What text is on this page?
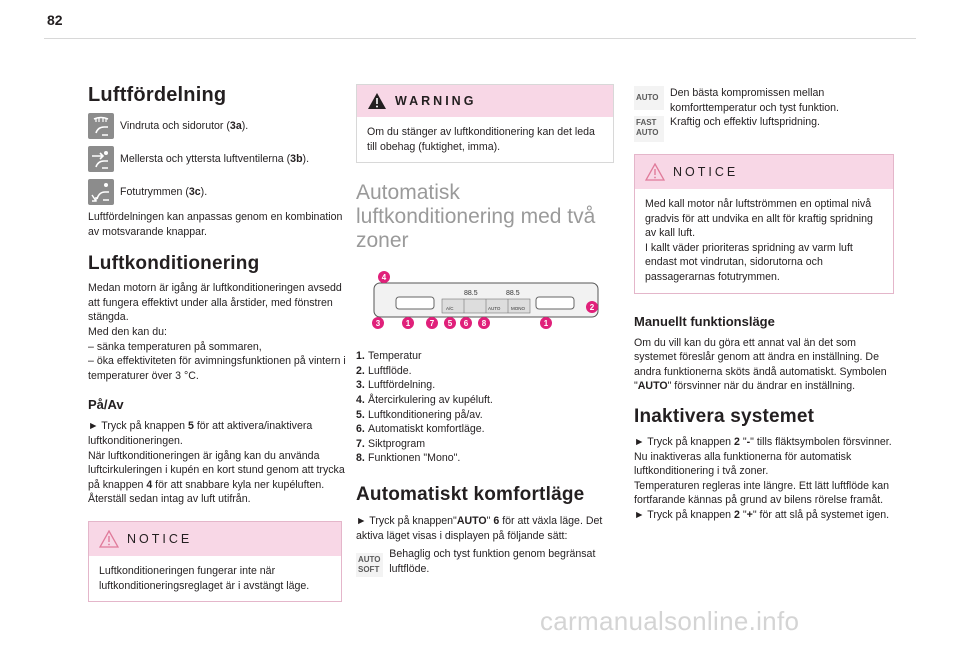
82
Luftfördelning

Vindruta och sidorutor (3a).

Mellersta och yttersta luftventilerna (3b).

Fotutrymmen (3c).

Luftfördelningen kan anpassas genom en kombination av motsvarande knappar.

Luftkonditionering

Medan motorn är igång är luftkonditioneringen avsedd att fungera effektivt under alla årstider, med fönstren stängda.

Med den kan du:

– sänka temperaturen på sommaren,

– öka effektiviteten för avimningsfunktionen på vintern i temperaturer över 3 °C.

På/Av

► Tryck på knappen 5 för att aktivera/inaktivera luftkonditioneringen.

När luftkonditioneringen är igång kan du använda luftcirkuleringen i kupén en kort stund genom att trycka på knappen 4 för att snabbare kyla ner kupéluften. Återställ sedan intag av luft utifrån.

NOTICE

Luftkonditioneringen fungerar inte när luftkonditioneringsreglaget är i avstängt läge.

WARNING

Om du stänger av luftkonditionering kan det leda till obehag (fuktighet, imma).

Automatisk luftkonditionering med två zoner
88.5	88.5
A/C	AUTO MONO
4
2
3	1 7 5 6 8	1

1. Temperatur

2. Luftflöde.

3. Luftfördelning.

4. Återcirkulering av kupéluft.

5. Luftkonditionering på/av.

6. Automatiskt komfortläge.

7. Siktprogram

8. Funktionen "Mono".

Automatiskt komfortläge

► Tryck på knappen"AUTO" 6 för att växla läge. Det aktiva läget visas i displayen på följande sätt:

AUTO SOFT

Behaglig och tyst funktion genom begränsat luftflöde.

AUTO
FAST AUTO

Den bästa kompromissen mellan komforttemperatur och tyst funktion.

Kraftig och effektiv luftspridning.

NOTICE

Med kall motor når luftströmmen en optimal nivå gradvis för att undvika en allt för kraftig spridning av kall luft.

I kallt väder prioriteras spridning av varm luft endast mot vindrutan, sidorutorna och passagerarnas fotutrymmen.

Manuellt funktionsläge

Om du vill kan du göra ett annat val än det som systemet föreslår genom att ändra en inställning. De andra funktionerna sköts ändå automatiskt. Symbolen "AUTO" försvinner när du ändrar en inställning.

Inaktivera systemet

► Tryck på knappen 2 "-" tills fläktsymbolen försvinner.

Nu inaktiveras alla funktionerna för automatisk luftkonditionering i två zoner.

Temperaturen regleras inte längre. Ett lätt luftflöde kan fortfarande kännas på grund av bilens rörelse framåt.

► Tryck på knappen 2 "+" för att slå på systemet igen.

carmanualsonline.info
